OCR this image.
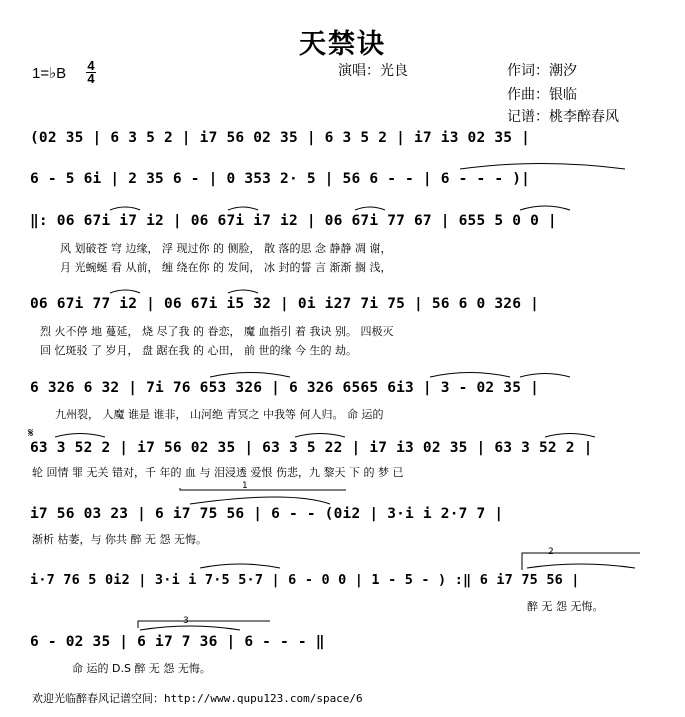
天禁诀
1=♭B 4
4	演唱：光良	作词：潮汐
作曲：银临
记谱：桃李醉春风
(02 35 | 6 3 5 2 | i7 56 02 35 | 6 3 5 2 | i7 i3 02 35 |
6 - 5 6i | 2 35 6 - | 0 353 2· 5 | 56 6 - - | 6 - - - )|
‖: 06 67i i7 i2 | 06 67i i7 i2 | 06 67i 77 67 | 655 5 0 0 |
风 划破苍 穹 边缘， 浮 现过你 的 侧脸， 散 落的思 念 静静 凋 谢，
月 光蜿蜒 看 从前， 缠 绕在你 的 发间， 冰 封的誓 言 渐渐 搁 浅，
06 67i 77 i2 | 06 67i i5 32 | 0i i27 7i 75 | 56 6 0 326 |
烈 火不停 地 蔓延， 烧 尽了我 的 眷恋， 魔 血指引 着 我诀 别。 四极灭
回 忆斑驳 了 岁月， 盘 踞在我 的 心田， 前 世的缘 今 生的 劫。
6 326 6 32 | 7i 76 653 326 | 6 326 6565 6i3 | 3 - 02 35 |
九州裂， 人魔 谁是 谁非， 山河绝 青冥之 中我等 何人归。 命 运的
𝄋
63 3 52 2 | i7 56 02 35 | 63 3 5 22 | i7 i3 02 35 | 63 3 52 2 |
轮 回情 罪 无关 错对，千 年的 血 与 泪浸透 爱恨 伤悲，九 黎天 下 的 梦 已
1
i7 56 03 23 | 6 i7 75 56 | 6 - - (0i2 | 3·i i 2·7 7 |
渐析 枯萎，与 你共 醉 无 怨 无悔。
2
i·7 76 5 0i2 | 3·i i 7·5 5·7 | 6 - 0 0 | 1 - 5 - ) :‖ 6 i7 75 56 |
醉 无 怨 无悔。
3
6 - 02 35 | 6 i7 7 36 | 6 - - - ‖
命 运的 D.S 醉 无 怨 无悔。
欢迎光临醉春风记谱空间：http://www.qupu123.com/space/6
